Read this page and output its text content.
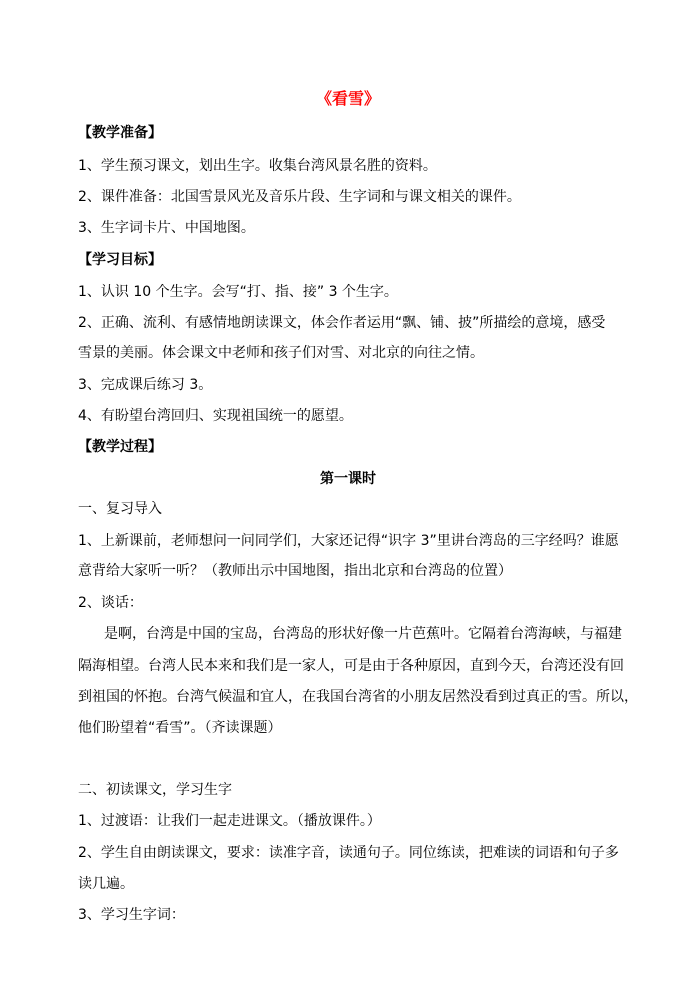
《看雪》
【教学准备】
1、学生预习课文，划出生字。收集台湾风景名胜的资料。
2、课件准备：北国雪景风光及音乐片段、生字词和与课文相关的课件。
3、生字词卡片、中国地图。
【学习目标】
1、认识 10 个生字。会写“打、指、接” 3 个生字。
2、正确、流利、有感情地朗读课文，体会作者运用“飘、铺、披”所描绘的意境，感受
雪景的美丽。体会课文中老师和孩子们对雪、对北京的向往之情。
3、完成课后练习 3。
4、有盼望台湾回归、实现祖国统一的愿望。
【教学过程】
第一课时
一、复习导入
1、上新课前，老师想问一问同学们，大家还记得“识字 3”里讲台湾岛的三字经吗？谁愿
意背给大家听一听？（教师出示中国地图，指出北京和台湾岛的位置）
2、谈话：
是啊，台湾是中国的宝岛，台湾岛的形状好像一片芭蕉叶。它隔着台湾海峡，与福建
隔海相望。台湾人民本来和我们是一家人，可是由于各种原因，直到今天，台湾还没有回
到祖国的怀抱。台湾气候温和宜人，在我国台湾省的小朋友居然没看到过真正的雪。所以，
他们盼望着“看雪”。（齐读课题）
二、初读课文，学习生字
1、过渡语：让我们一起走进课文。（播放课件。）
2、学生自由朗读课文，要求：读准字音，读通句子。同位练读，把难读的词语和句子多
读几遍。
3、学习生字词：
